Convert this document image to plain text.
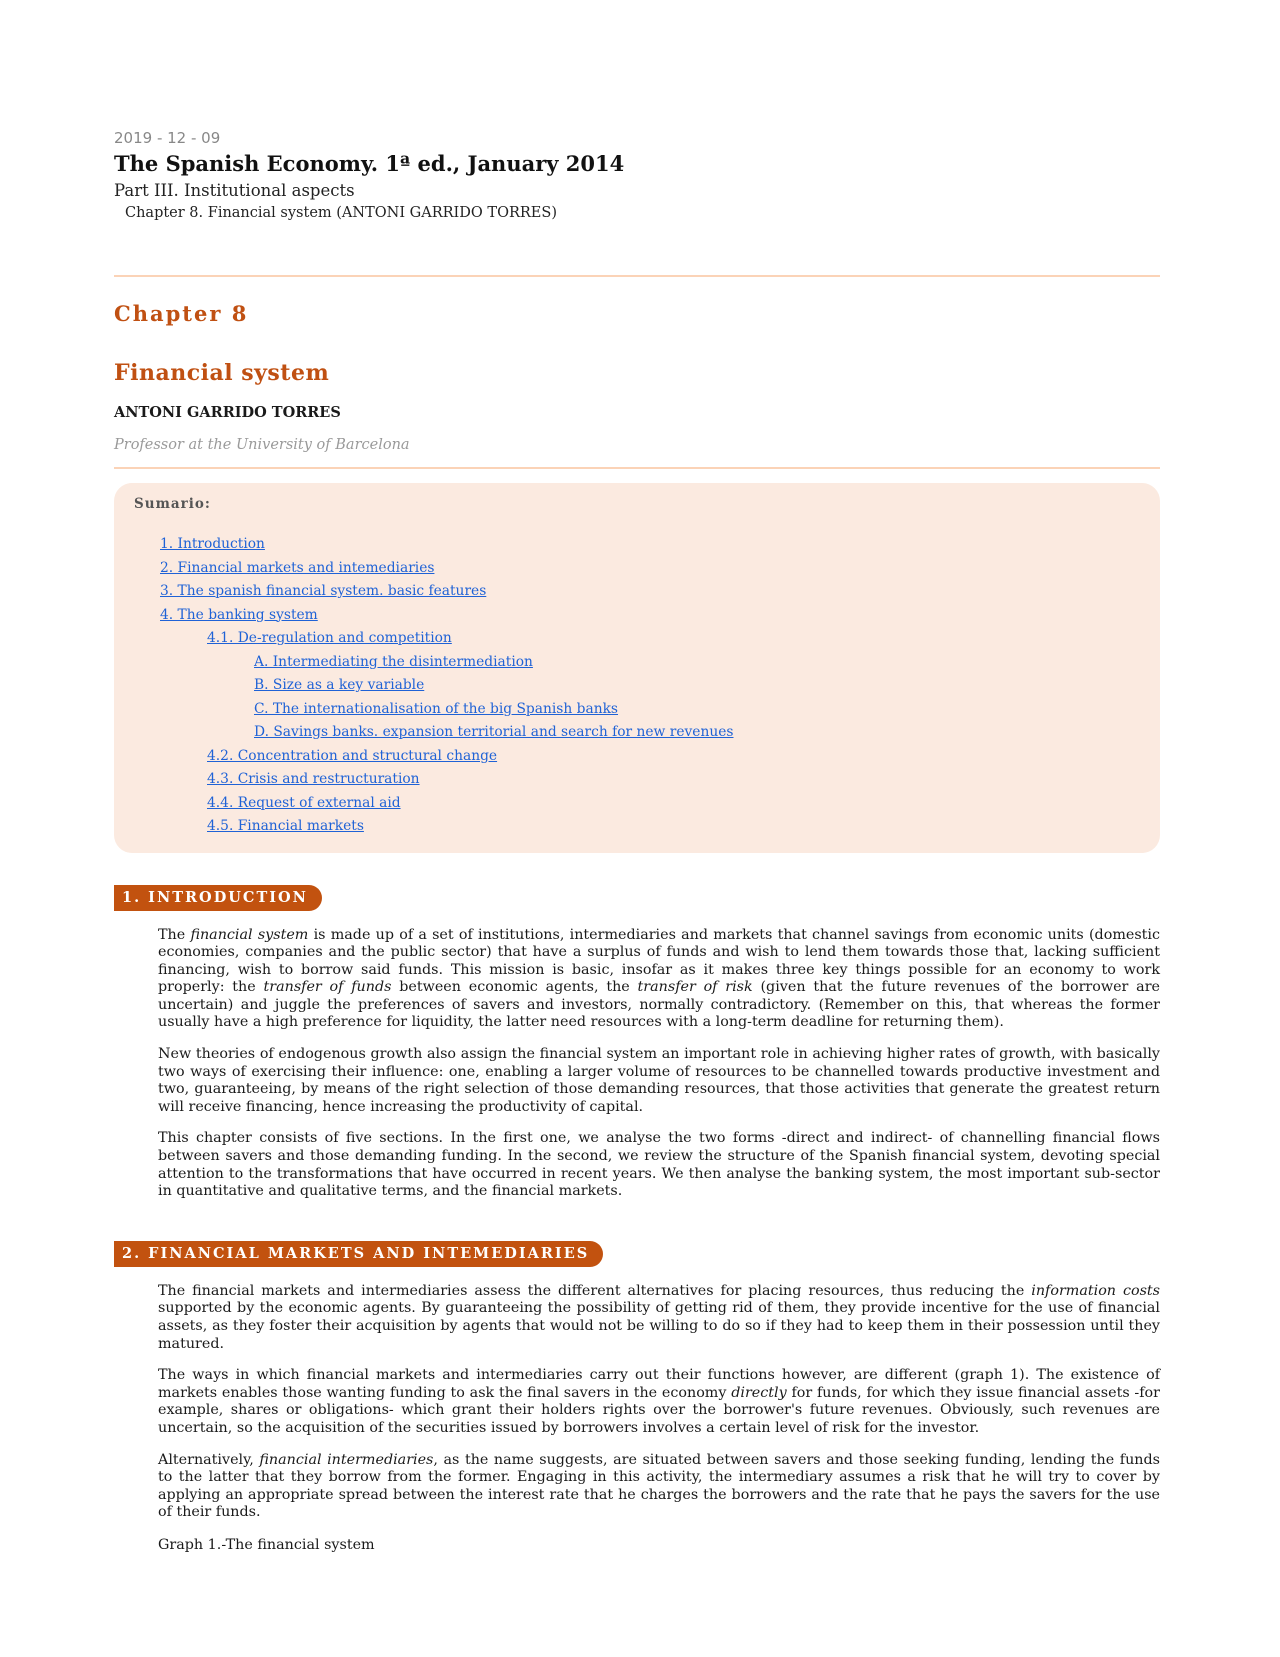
2019 - 12 - 09
The Spanish Economy. 1ª ed., January 2014
Part III. Institutional aspects
Chapter 8. Financial system (ANTONI GARRIDO TORRES)
Chapter 8
Financial system
ANTONI GARRIDO TORRES
Professor at the University of Barcelona
Sumario:
1. Introduction
2. Financial markets and intemediaries
3. The spanish financial system. basic features
4. The banking system
4.1. De-regulation and competition
A. Intermediating the disintermediation
B. Size as a key variable
C. The internationalisation of the big Spanish banks
D. Savings banks. expansion territorial and search for new revenues
4.2. Concentration and structural change
4.3. Crisis and restructuration
4.4. Request of external aid
4.5. Financial markets
1. INTRODUCTION

The financial system is made up of a set of institutions, intermediaries and markets that channel savings from economic units (domestic economies, companies and the public sector) that have a surplus of funds and wish to lend them towards those that, lacking sufficient financing, wish to borrow said funds. This mission is basic, insofar as it makes three key things possible for an economy to work properly: the transfer of funds between economic agents, the transfer of risk (given that the future revenues of the borrower are uncertain) and juggle the preferences of savers and investors, normally contradictory. (Remember on this, that whereas the former usually have a high preference for liquidity, the latter need resources with a long-term deadline for returning them).

New theories of endogenous growth also assign the financial system an important role in achieving higher rates of growth, with basically two ways of exercising their influence: one, enabling a larger volume of resources to be channelled towards productive investment and two, guaranteeing, by means of the right selection of those demanding resources, that those activities that generate the greatest return will receive financing, hence increasing the productivity of capital.

This chapter consists of five sections. In the first one, we analyse the two forms -direct and indirect- of channelling financial flows between savers and those demanding funding. In the second, we review the structure of the Spanish financial system, devoting special attention to the transformations that have occurred in recent years. We then analyse the banking system, the most important sub-sector in quantitative and qualitative terms, and the financial markets.

2. FINANCIAL MARKETS AND INTEMEDIARIES

The financial markets and intermediaries assess the different alternatives for placing resources, thus reducing the information costs supported by the economic agents. By guaranteeing the possibility of getting rid of them, they provide incentive for the use of financial assets, as they foster their acquisition by agents that would not be willing to do so if they had to keep them in their possession until they matured.

The ways in which financial markets and intermediaries carry out their functions however, are different (graph 1). The existence of markets enables those wanting funding to ask the final savers in the economy directly for funds, for which they issue financial assets -for example, shares or obligations- which grant their holders rights over the borrower's future revenues. Obviously, such revenues are uncertain, so the acquisition of the securities issued by borrowers involves a certain level of risk for the investor.

Alternatively, financial intermediaries, as the name suggests, are situated between savers and those seeking funding, lending the funds to the latter that they borrow from the former. Engaging in this activity, the intermediary assumes a risk that he will try to cover by applying an appropriate spread between the interest rate that he charges the borrowers and the rate that he pays the savers for the use of their funds.

Graph 1.-The financial system
